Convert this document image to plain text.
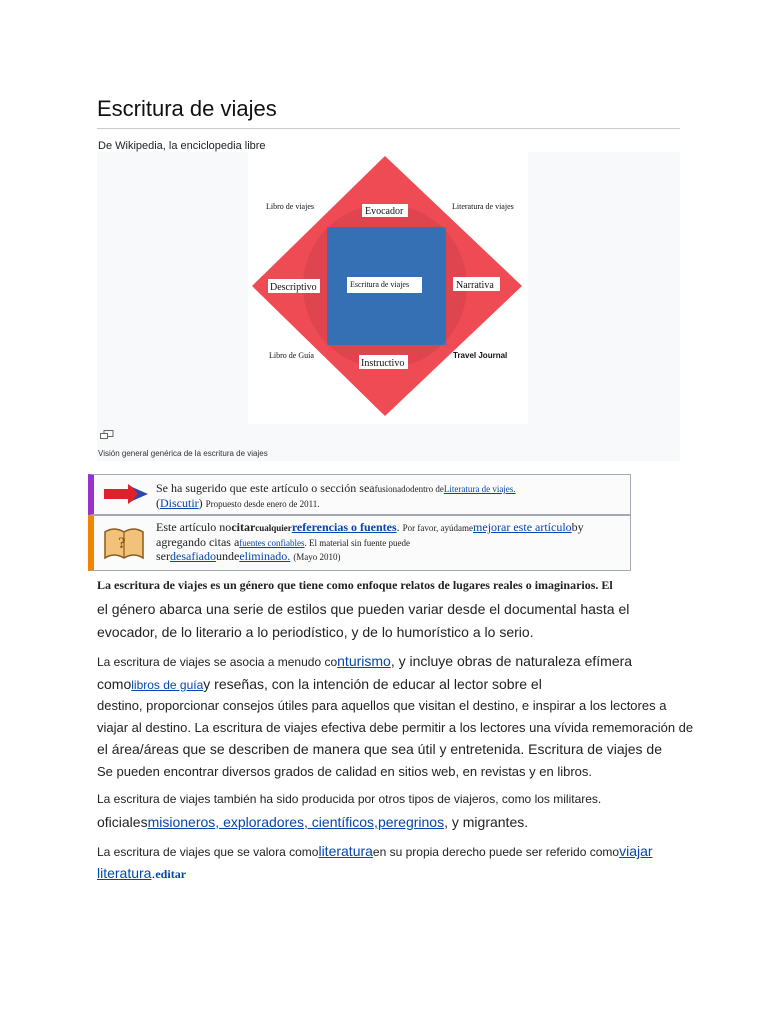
Escritura de viajes
De Wikipedia, la enciclopedia libre
Libro de viajes	Literatura de viajes
Libro de Guía	Travel Journal
Evocador
Descriptivo	Narrativa
Instructivo
Escritura de viajes
Visión general genérica de la escritura de viajes
Se ha sugerido que este artículo o sección seafusionadodentro deLiteratura de viajes.
(Discutir) Propuesto desde enero de 2011.
?
Este artículo nocitarcualquierreferencias o fuentes. Por favor, ayúdamemejorar este artículoby
agregando citas afuentes confiables. El material sin fuente puede
serdesafiadoundeeliminado. (Mayo 2010)
La escritura de viajes es un género que tiene como enfoque relatos de lugares reales o imaginarios. El
el género abarca una serie de estilos que pueden variar desde el documental hasta el
evocador, de lo literario a lo periodístico, y de lo humorístico a lo serio.
La escritura de viajes se asocia a menudo conturismo, y incluye obras de naturaleza efímera
comolibros de guíay reseñas, con la intención de educar al lector sobre el
destino, proporcionar consejos útiles para aquellos que visitan el destino, e inspirar a los lectores a
viajar al destino. La escritura de viajes efectiva debe permitir a los lectores una vívida rememoración de
el área/áreas que se describen de manera que sea útil y entretenida. Escritura de viajes de
Se pueden encontrar diversos grados de calidad en sitios web, en revistas y en libros.
La escritura de viajes también ha sido producida por otros tipos de viajeros, como los militares.
oficialesmisioneros, exploradores, científicos,peregrinos, y migrantes.
La escritura de viajes que se valora comoliteraturaen su propia derecho puede ser referido comoviajar
literatura.editar
